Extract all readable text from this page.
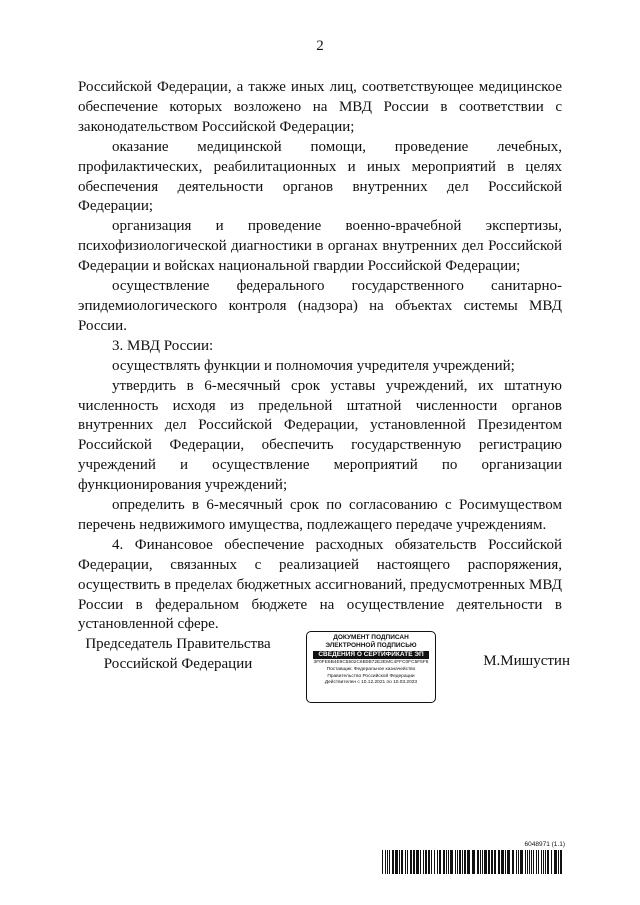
2

Российской Федерации, а также иных лиц, соответствующее медицинское обеспечение которых возложено на МВД России в соответствии с законодательством Российской Федерации;

оказание медицинской помощи, проведение лечебных, профилактических, реабилитационных и иных мероприятий в целях обеспечения деятельности органов внутренних дел Российской Федерации;

организация и проведение военно-врачебной экспертизы, психофизиологической диагностики в органах внутренних дел Российской Федерации и войсках национальной гвардии Российской Федерации;

осуществление федерального государственного санитарно-эпидемиологического контроля (надзора) на объектах системы МВД России.

3. МВД России:

осуществлять функции и полномочия учредителя учреждений;

утвердить в 6-месячный срок уставы учреждений, их штатную численность исходя из предельной штатной численности органов внутренних дел Российской Федерации, установленной Президентом Российской Федерации, обеспечить государственную регистрацию учреждений и осуществление мероприятий по организации функционирования учреждений;

определить в 6-месячный срок по согласованию с Росимуществом перечень недвижимого имущества, подлежащего передаче учреждениям.

4. Финансовое обеспечение расходных обязательств Российской Федерации, связанных с реализацией настоящего распоряжения, осуществить в пределах бюджетных ассигнований, предусмотренных МВД России в федеральном бюджете на осуществление деятельности в установленной сфере.

Председатель Правительства
Российской Федерации
ДОКУМЕНТ ПОДПИСАН
ЭЛЕКТРОННОЙ ПОДПИСЬЮ
СВЕДЕНИЯ О СЕРТИФИКАТЕ ЭП
3F0FE8B4E9C5502C6B0B72E2EMC4FFC0FC5F5F8
Поставщик: Федеральное казначейство
Правительство Российской Федерации
Действителен с 10.12.2021 по 10.03.2023
М.Мишустин
6048971 (1.1)
